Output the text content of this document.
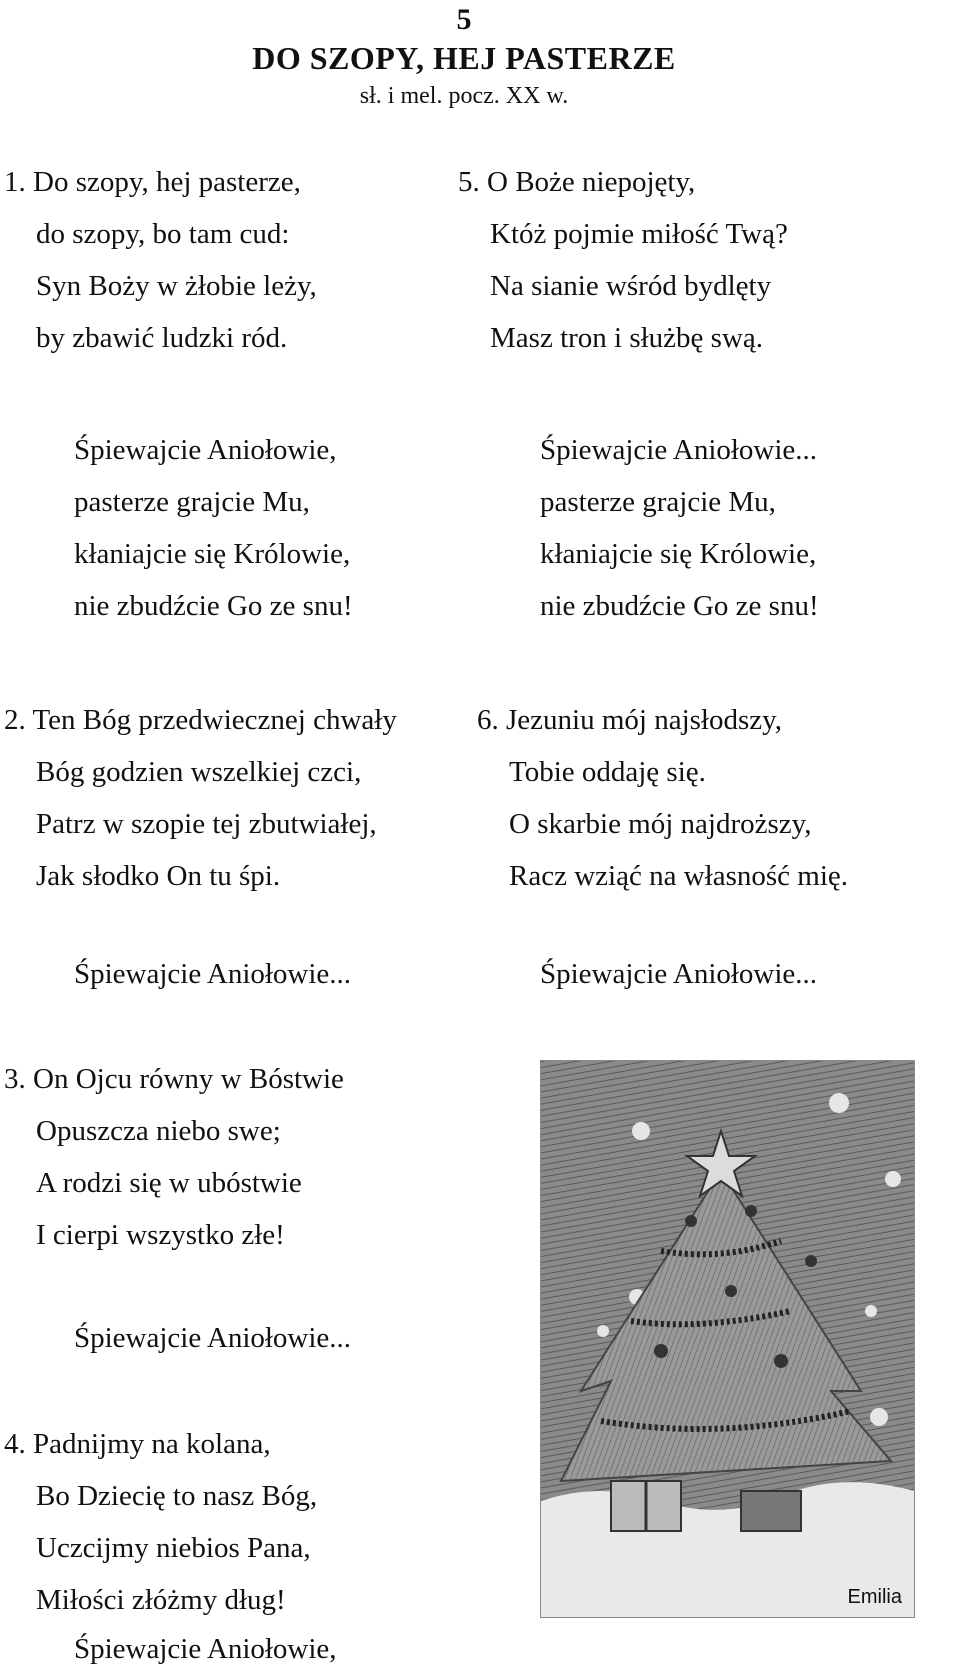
5
DO SZOPY, HEJ PASTERZE
sł. i mel. pocz. XX w.
1. Do szopy, hej pasterze,
do szopy, bo tam cud:
Syn Boży w żłobie leży,
by zbawić ludzki ród.
5. O Boże niepojęty,
Któż pojmie miłość Twą?
Na sianie wśród bydlęty
Masz tron i służbę swą.
Śpiewajcie Aniołowie,
pasterze grajcie Mu,
kłaniajcie się Królowie,
nie zbudźcie Go ze snu!
Śpiewajcie Aniołowie...
pasterze grajcie Mu,
kłaniajcie się Królowie,
nie zbudźcie Go ze snu!
2. Ten Bóg przedwiecznej chwały
Bóg godzien wszelkiej czci,
Patrz w szopie tej zbutwiałej,
Jak słodko On tu śpi.
6. Jezuniu mój najsłodszy,
Tobie oddaję się.
O skarbie mój najdroższy,
Racz wziąć na własność mię.
Śpiewajcie Aniołowie...	Śpiewajcie Aniołowie...
3. On Ojcu równy w Bóstwie
Opuszcza niebo swe;
A rodzi się w ubóstwie
I cierpi wszystko złe!
Śpiewajcie Aniołowie...
4. Padnijmy na kolana,
Bo Dziecię to nasz Bóg,
Uczcijmy niebios Pana,
Miłości złóżmy dług!
Śpiewajcie Aniołowie,
Emilia
